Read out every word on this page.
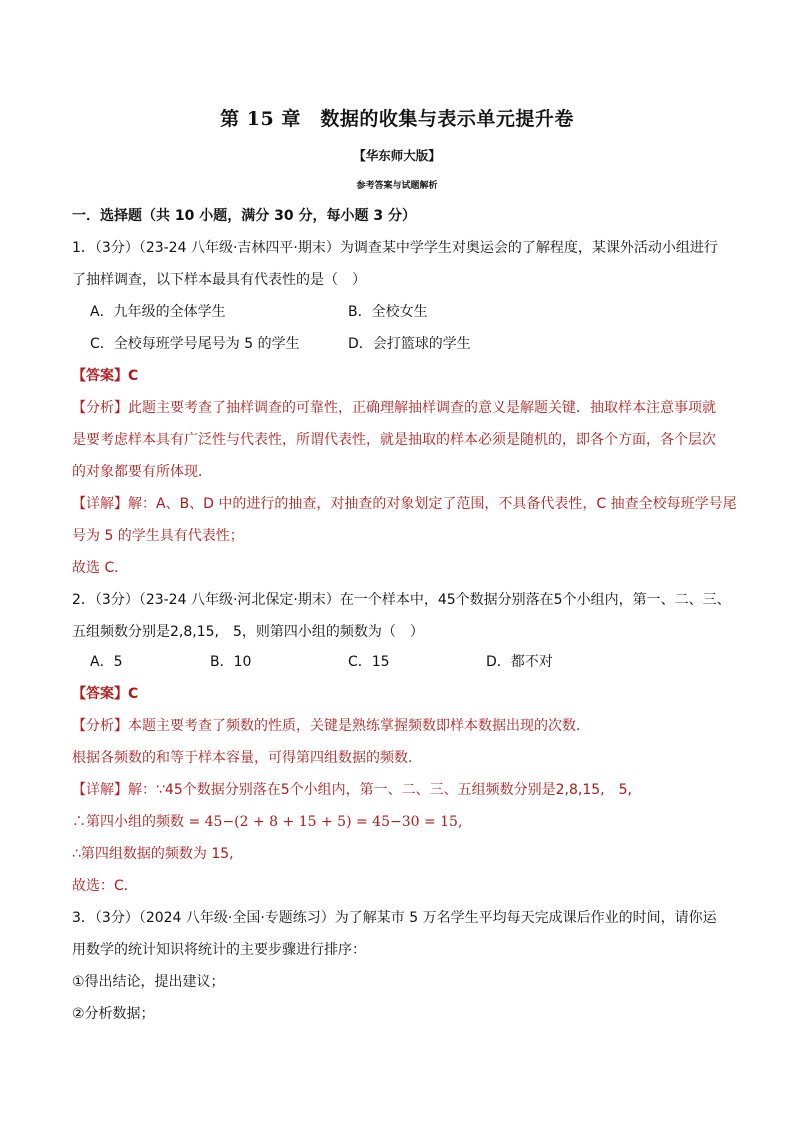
第 15 章　数据的收集与表示单元提升卷
【华东师大版】
参考答案与试题解析
一．选择题（共 10 小题，满分 30 分，每小题 3 分）
1．（3分）（23-24 八年级·吉林四平·期末）为调查某中学学生对奥运会的了解程度，某课外活动小组进行
了抽样调查，以下样本最具有代表性的是（　）
A．九年级的全体学生	B．全校女生
C．全校每班学号尾号为 5 的学生	D．会打篮球的学生
【答案】C
【分析】此题主要考查了抽样调查的可靠性，正确理解抽样调查的意义是解题关键．抽取样本注意事项就
是要考虑样本具有广泛性与代表性，所谓代表性，就是抽取的样本必须是随机的，即各个方面，各个层次
的对象都要有所体现．
【详解】解：A、B、D 中的进行的抽查，对抽查的对象划定了范围，不具备代表性，C 抽查全校每班学号尾
号为 5 的学生具有代表性；
故选 C．
2．（3分）（23-24 八年级·河北保定·期末）在一个样本中，45个数据分别落在5个小组内，第一、二、三、
五组频数分别是2,8,15,　5，则第四小组的频数为（　）
A．5	B．10	C．15	D．都不对
【答案】C
【分析】本题主要考查了频数的性质，关键是熟练掌握频数即样本数据出现的次数．
根据各频数的和等于样本容量，可得第四组数据的频数．
【详解】解：∵45个数据分别落在5个小组内，第一、二、三、五组频数分别是2,8,15,　5,
∴第四小组的频数 = 45−(2 + 8 + 15 + 5) = 45−30 = 15,
∴第四组数据的频数为 15,
故选：C．
3．（3分）（2024 八年级·全国·专题练习）为了解某市 5 万名学生平均每天完成课后作业的时间，请你运
用数学的统计知识将统计的主要步骤进行排序：
①得出结论，提出建议；
②分析数据；
